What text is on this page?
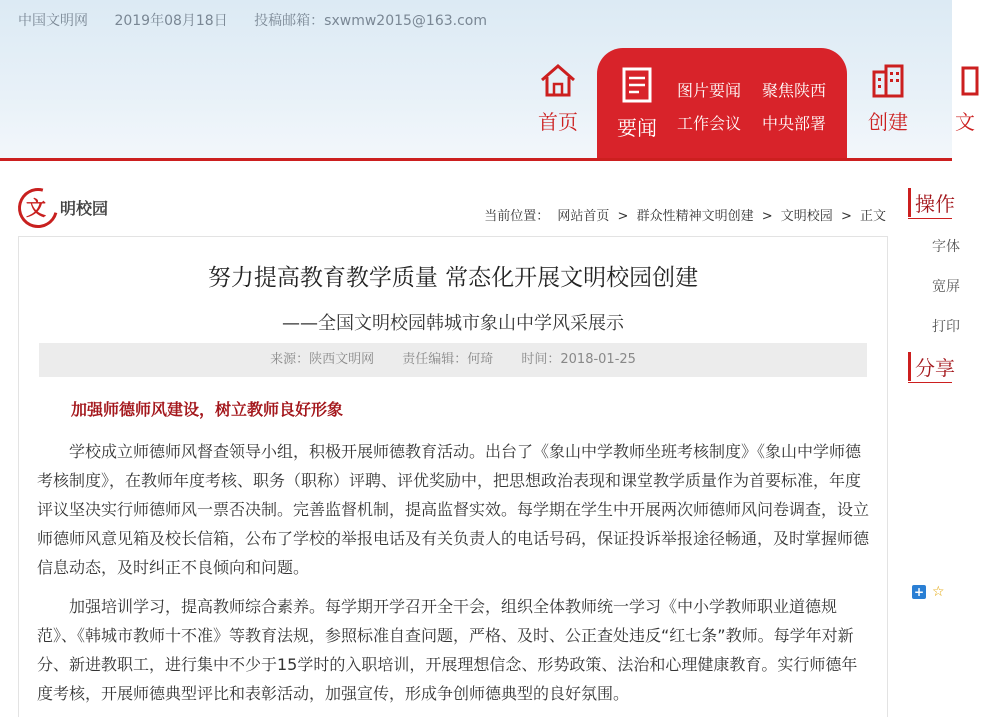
中国文明网 2019年08月18日 投稿邮箱：sxwmw2015@163.com
首页	要闻
图片要闻 聚焦陕西
工作会议 中央部署	创建	文
文 明校园	当前位置： 网站首页 > 群众性精神文明创建 > 文明校园 > 正文
努力提高教育教学质量 常态化开展文明校园创建
——全国文明校园韩城市象山中学风采展示
来源：陕西文明网 责任编辑：何琦 时间：2018-01-25
加强师德师风建设，树立教师良好形象

学校成立师德师风督查领导小组，积极开展师德教育活动。出台了《象山中学教师坐班考核制度》《象山中学师德考核制度》，在教师年度考核、职务（职称）评聘、评优奖励中，把思想政治表现和课堂教学质量作为首要标准，年度评议坚决实行师德师风一票否决制。完善监督机制，提高监督实效。每学期在学生中开展两次师德师风问卷调查，设立师德师风意见箱及校长信箱，公布了学校的举报电话及有关负责人的电话号码，保证投诉举报途径畅通，及时掌握师德信息动态，及时纠正不良倾向和问题。

加强培训学习，提高教师综合素养。每学期开学召开全干会，组织全体教师统一学习《中小学教师职业道德规范》、《韩城市教师十不准》等教育法规，参照标准自查问题，严格、及时、公正查处违反“红七条”教师。每学年对新分、新进教职工，进行集中不少于15学时的入职培训，开展理想信念、形势政策、法治和心理健康教育。实行师德年度考核，开展师德典型评比和表彰活动，加强宣传，形成争创师德典型的良好氛围。

操作
字体
宽屏
打印
分享
+ ☆
